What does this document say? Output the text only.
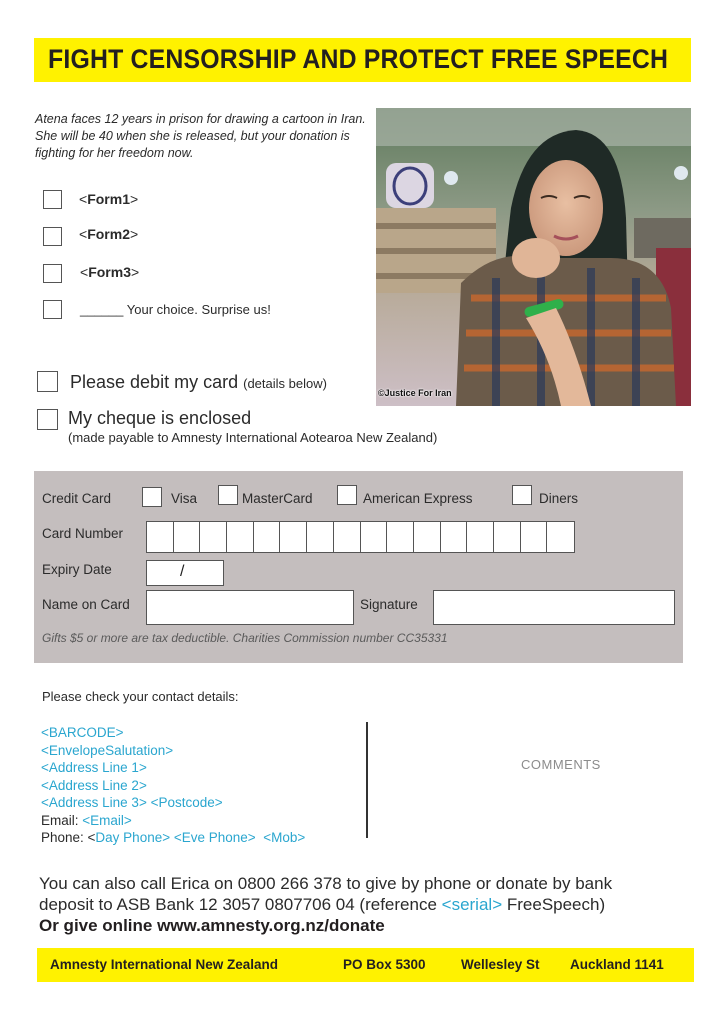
FIGHT CENSORSHIP AND PROTECT FREE SPEECH
Atena faces 12 years in prison for drawing a cartoon in Iran. She will be 40 when she is released, but your donation is fighting for her freedom now.
<Form1>
<Form2>
<Form3>
______ Your choice. Surprise us!
Please debit my card (details below)
My cheque is enclosed
(made payable to Amnesty International Aotearoa New Zealand)
©Justice For Iran
Credit Card	Visa	MasterCard	American Express	Diners
Card Number
Expiry Date	/
Name on Card	Signature
Gifts $5 or more are tax deductible. Charities Commission number CC35331
Please check your contact details:
<BARCODE>
<EnvelopeSalutation>
<Address Line 1>
<Address Line 2>
<Address Line 3> <Postcode>
Email: <Email>
Phone: <Day Phone> <Eve Phone> <Mob>
COMMENTS
You can also call Erica on 0800 266 378 to give by phone or donate by bank
deposit to ASB Bank 12 3057 0807706 04 (reference <serial> FreeSpeech)
Or give online www.amnesty.org.nz/donate
Amnesty International New Zealand	PO Box 5300	Wellesley St Auckland 1141
